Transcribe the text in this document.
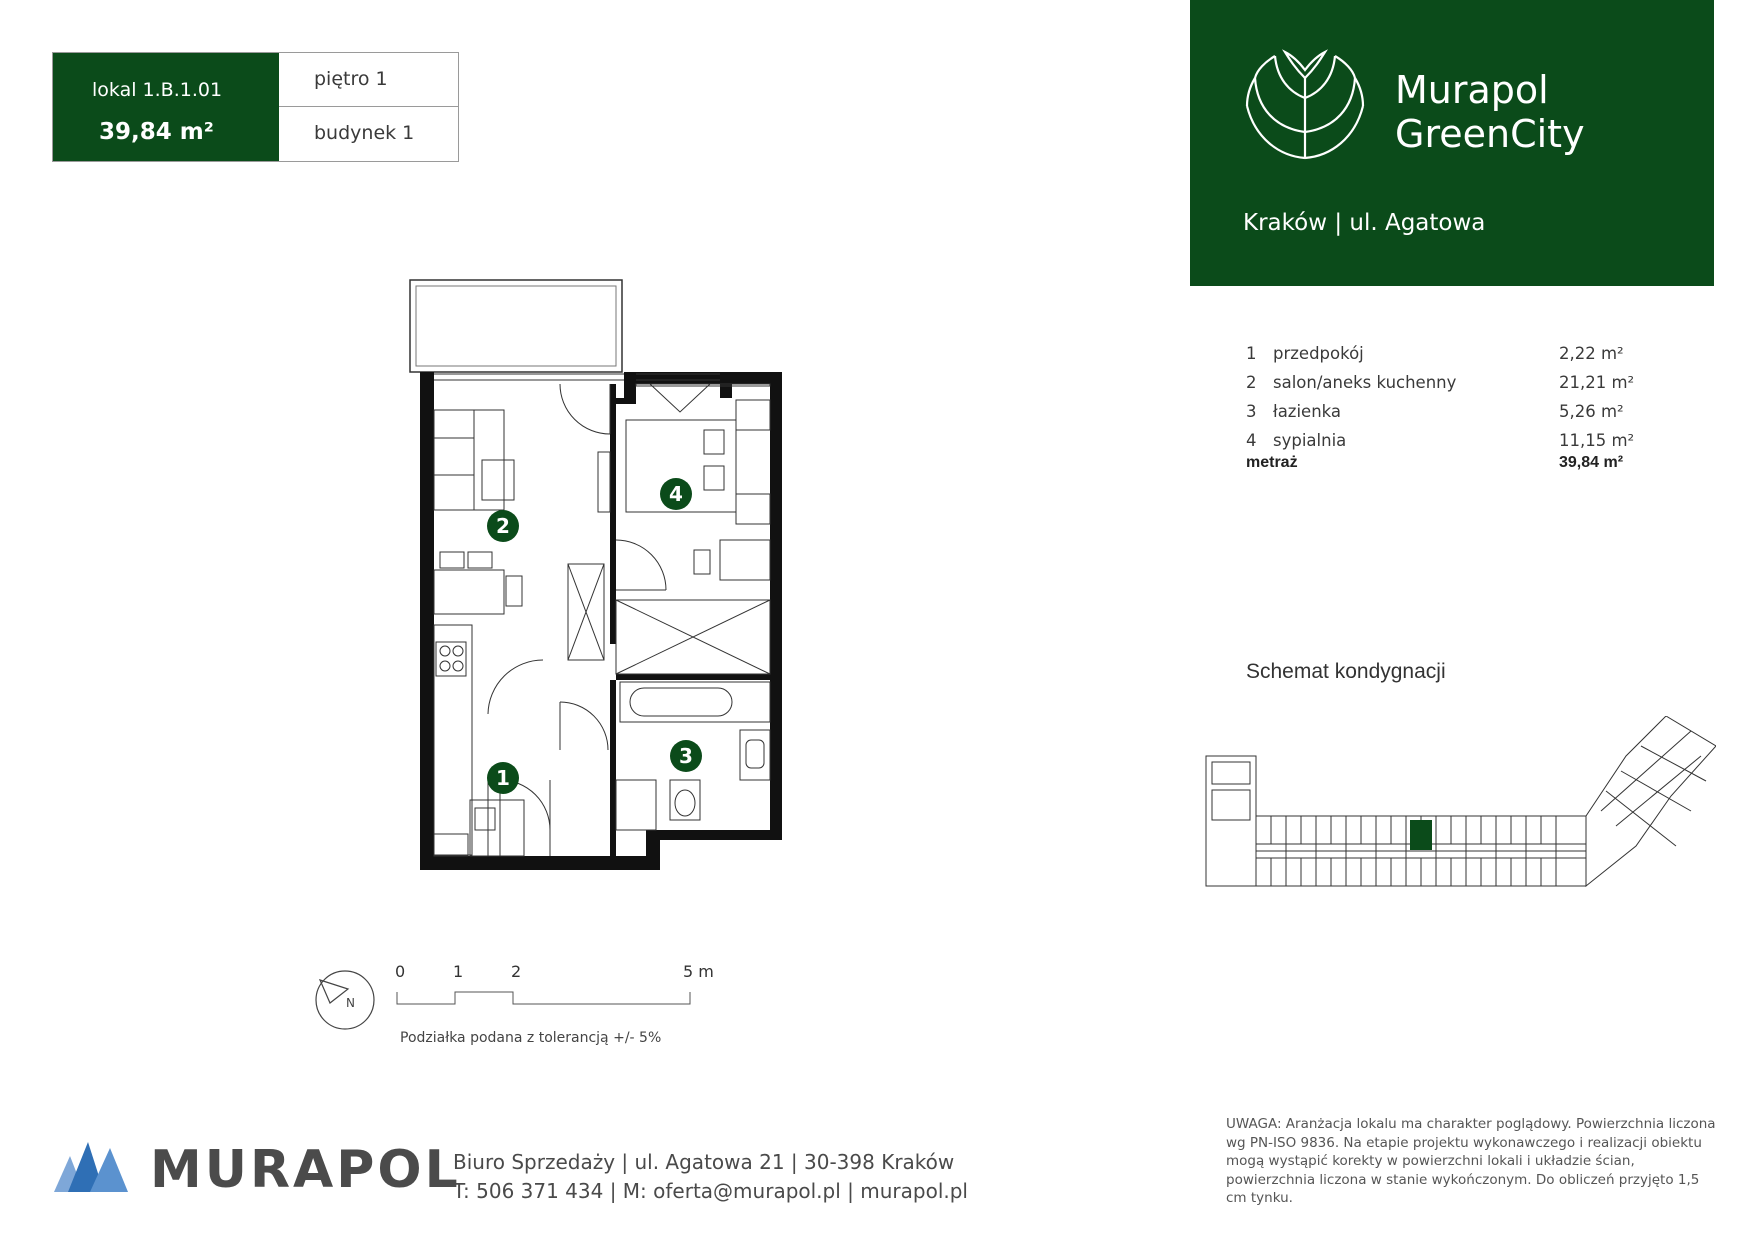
lokal 1.B.1.01
39,84 m²
piętro 1
budynek 1
Murapol
GreenCity
Kraków | ul. Agatowa
1 przedpokój	2,22 m²
2 salon/aneks kuchenny	21,21 m²
3 łazienka	5,26 m²
4 sypialnia	11,15 m²
metraż	39,84 m²
Schemat kondygnacji
2
4
3
1
N
0	1	2	5 m
Podziałka podana z tolerancją +/- 5%
MURAPOL
Biuro Sprzedaży | ul. Agatowa 21 | 30-398 Kraków
T: 506 371 434 | M: oferta@murapol.pl | murapol.pl
UWAGA: Aranżacja lokalu ma charakter poglądowy. Powierzchnia liczona wg PN-ISO 9836. Na etapie projektu wykonawczego i realizacji obiektu mogą wystąpić korekty w powierzchni lokali i układzie ścian, powierzchnia liczona w stanie wykończonym. Do obliczeń przyjęto 1,5 cm tynku.
